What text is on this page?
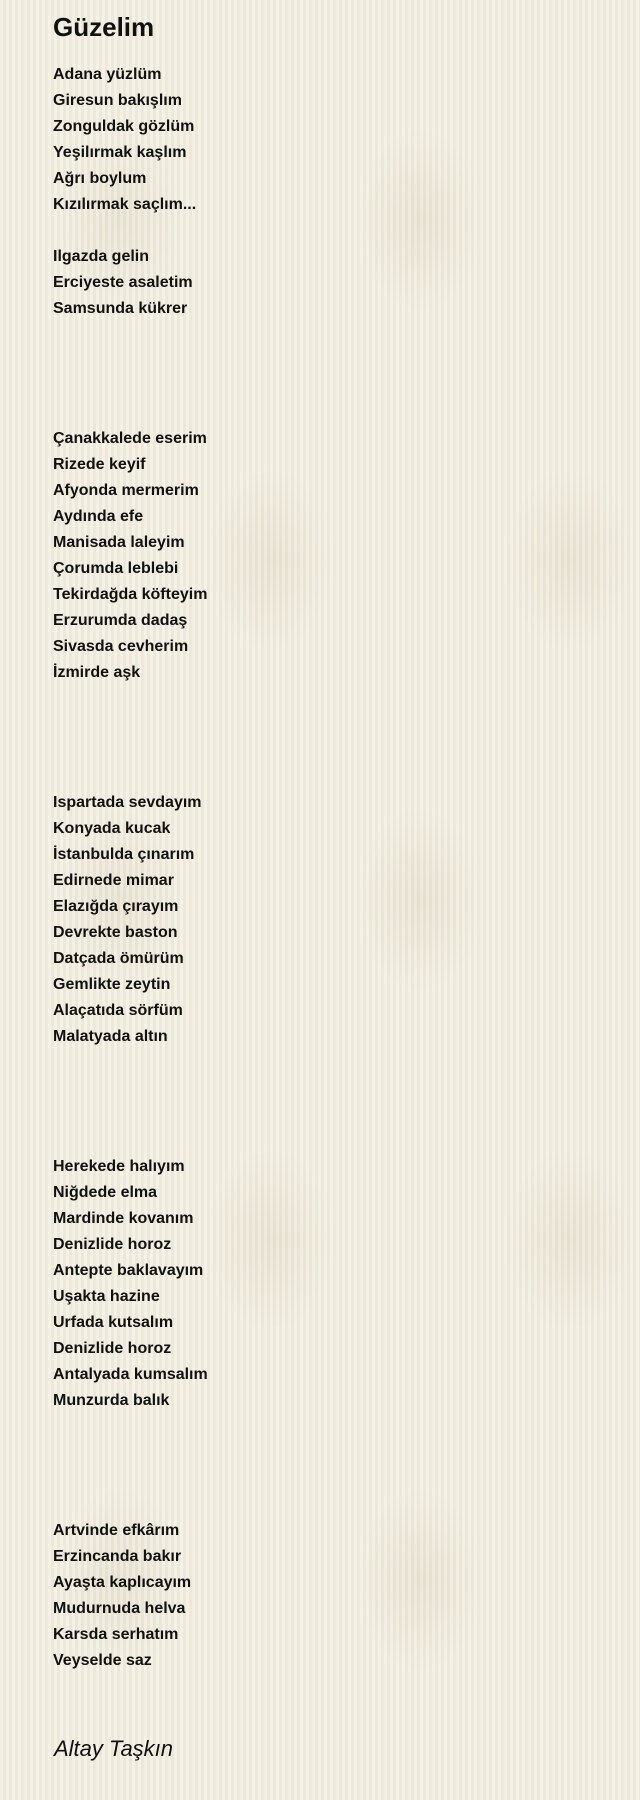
Güzelim
Adana yüzlüm
Giresun bakışlım
Zonguldak gözlüm
Yeşilırmak kaşlım
Ağrı boylum
Kızılırmak saçlım...
Ilgazda gelin
Erciyeste asaletim
Samsunda kükrer
Çanakkalede eserim
Rizede keyif
Afyonda mermerim
Aydında efe
Manisada laleyim
Çorumda leblebi
Tekirdağda köfteyim
Erzurumda dadaş
Sivasda cevherim
İzmirde aşk
Ispartada sevdayım
Konyada kucak
İstanbulda çınarım
Edirnede mimar
Elazığda çırayım
Devrekte baston
Datçada ömürüm
Gemlikte zeytin
Alaçatıda sörfüm
Malatyada altın
Herekede halıyım
Niğdede elma
Mardinde kovanım
Denizlide horoz
Antepte baklavayım
Uşakta hazine
Urfada kutsalım
Denizlide horoz
Antalyada kumsalım
Munzurda balık
Artvinde efkârım
Erzincanda bakır
Ayaşta kaplıcayım
Mudurnuda helva
Karsda serhatım
Veyselde saz
Altay Taşkın
